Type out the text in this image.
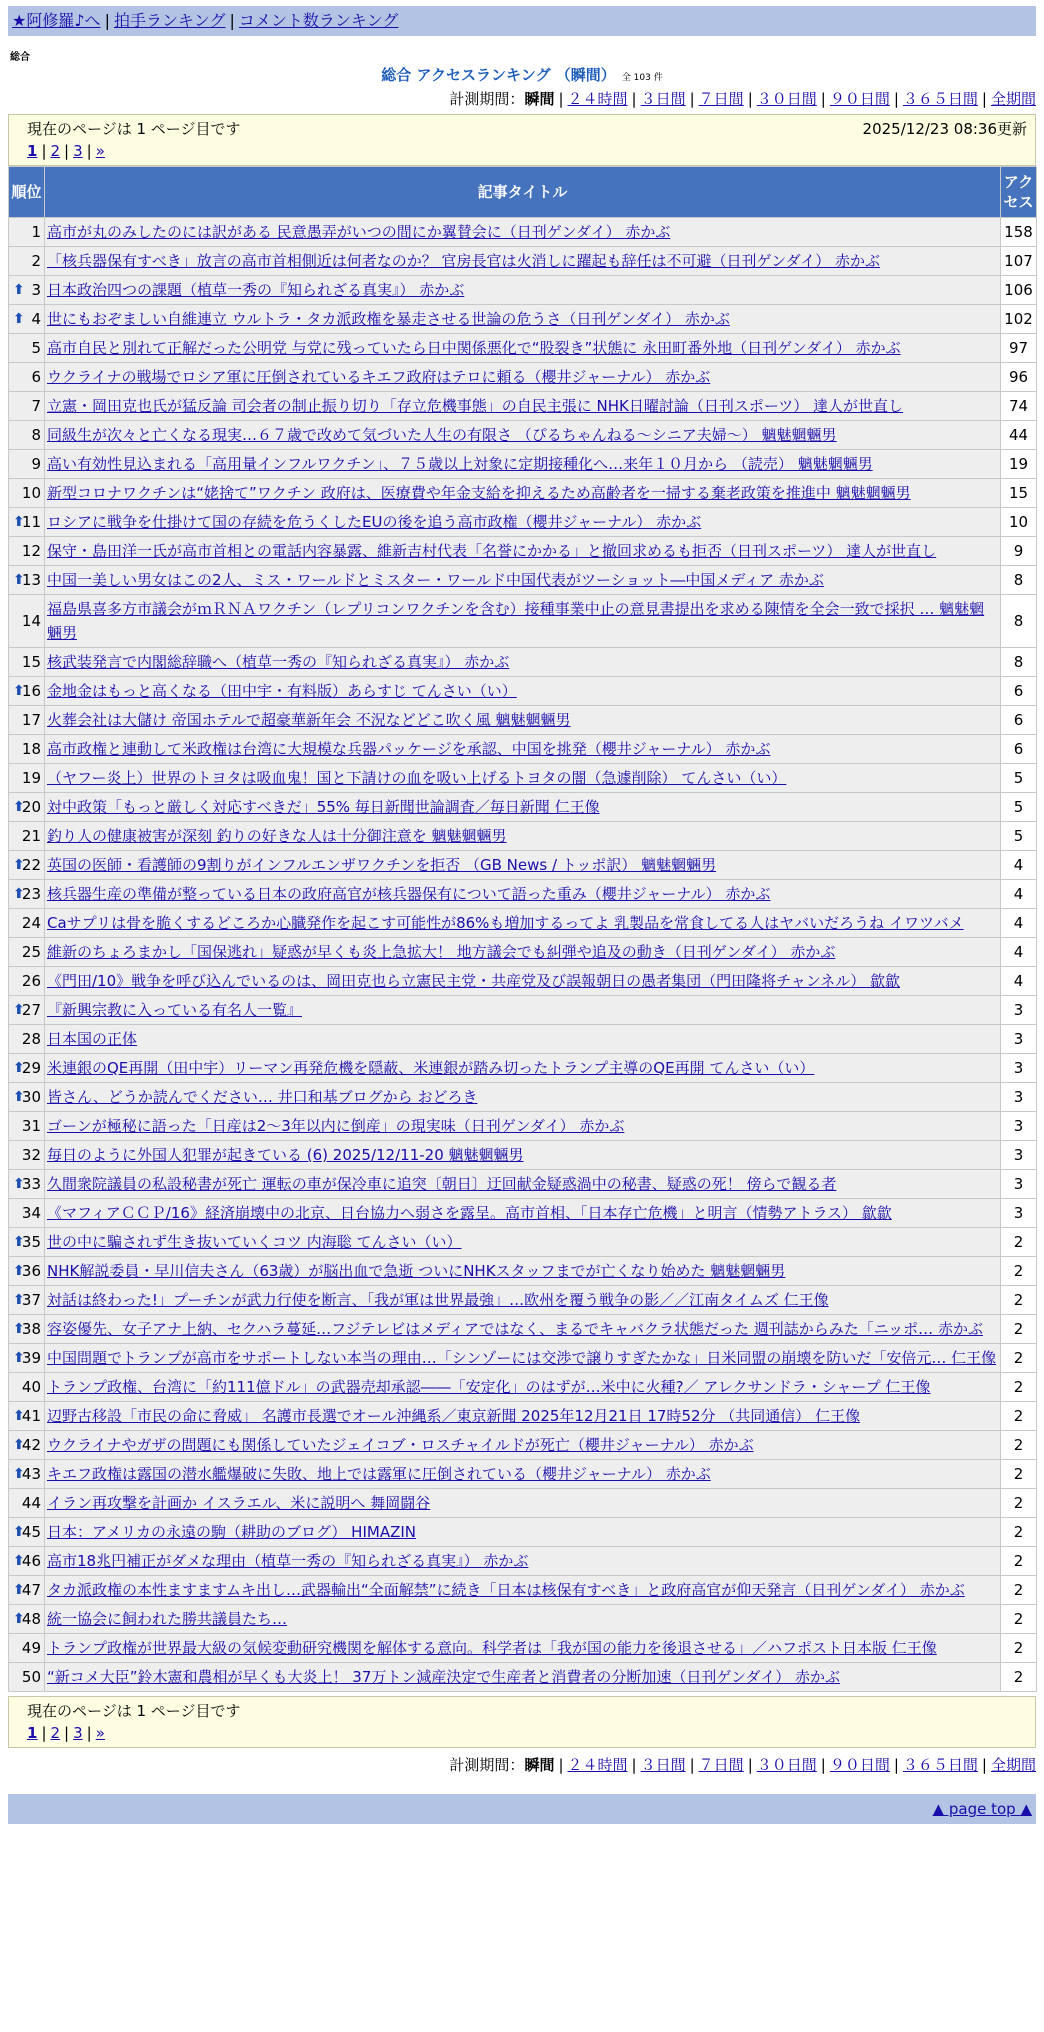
★阿修羅♪へ | 拍手ランキング | コメント数ランキング
総合
総合 アクセスランキング （瞬間） 全 103 件
計測期間：瞬間 | ２４時間 | ３日間 | ７日間 | ３０日間 | ９０日間 | ３６５日間 | 全期間
現在のページは 1 ページ目です	2025/12/23 08:36更新
1 | 2 | 3 | »
順位	記事タイトル	アクセス
1	高市が丸のみしたのには訳がある 民意愚弄がいつの間にか翼賛会に（日刊ゲンダイ） 赤かぶ	158
2	「核兵器保有すべき」放言の高市首相側近は何者なのか？ 官房長官は火消しに躍起も辞任は不可避（日刊ゲンダイ） 赤かぶ	107

⬆ 3	日本政治四つの課題（植草一秀の『知られざる真実』） 赤かぶ	106

⬆ 4	世にもおぞましい自維連立 ウルトラ・タカ派政権を暴走させる世論の危うさ（日刊ゲンダイ） 赤かぶ	102
5	高市自民と別れて正解だった公明党 与党に残っていたら日中関係悪化で“股裂き”状態に 永田町番外地（日刊ゲンダイ） 赤かぶ	97
6	ウクライナの戦場でロシア軍に圧倒されているキエフ政府はテロに頼る（櫻井ジャーナル） 赤かぶ	96
7	立憲・岡田克也氏が猛反論 司会者の制止振り切り「存立危機事態」の自民主張に NHK日曜討論（日刊スポーツ） 達人が世直し	74
8	同級生が次々と亡くなる現実…６７歳で改めて気づいた人生の有限さ （ぴるちゃんねる～シニア夫婦～） 魑魅魍魎男	44
9	高い有効性見込まれる「高用量インフルワクチン」、７５歳以上対象に定期接種化へ…来年１０月から （読売） 魑魅魍魎男	19
10	新型コロナワクチンは“姥捨て”ワクチン 政府は、医療費や年金支給を抑えるため高齢者を一掃する棄老政策を推進中 魑魅魍魎男	15

⬆
11	ロシアに戦争を仕掛けて国の存続を危うくしたEUの後を追う高市政権（櫻井ジャーナル） 赤かぶ	10
12	保守・島田洋一氏が高市首相との電話内容暴露、維新吉村代表「名誉にかかる」と撤回求めるも拒否（日刊スポーツ） 達人が世直し	9

⬆
13	中国一美しい男女はこの2人、ミス・ワールドとミスター・ワールド中国代表がツーショット―中国メディア 赤かぶ	8
14	福島県喜多方市議会がｍＲＮＡワクチン（レプリコンワクチンを含む）接種事業中止の意見書提出を求める陳情を全会一致で採択 … 魑魅魍魎男	8
15	核武装発言で内閣総辞職へ（植草一秀の『知られざる真実』） 赤かぶ	8

⬆
16	金地金はもっと高くなる（田中宇・有料版）あらすじ てんさい（い）	6
17	火葬会社は大儲け 帝国ホテルで超豪華新年会 不況などどこ吹く風 魑魅魍魎男	6
18	高市政権と連動して米政権は台湾に大規模な兵器パッケージを承認、中国を挑発（櫻井ジャーナル） 赤かぶ	6
19	（ヤフー炎上）世界のトヨタは吸血鬼！国と下請けの血を吸い上げるトヨタの闇（急遽削除） てんさい（い）	5

⬆
20	対中政策「もっと厳しく対応すべきだ」55% 毎日新聞世論調査／毎日新聞 仁王像	5
21	釣り人の健康被害が深刻 釣りの好きな人は十分御注意を 魑魅魍魎男	5

⬆
22	英国の医師・看護師の9割りがインフルエンザワクチンを拒否 （GB News / トッポ訳） 魑魅魍魎男	4

⬆
23	核兵器生産の準備が整っている日本の政府高官が核兵器保有について語った重み（櫻井ジャーナル） 赤かぶ	4
24	Caサプリは骨を脆くするどころか心臓発作を起こす可能性が86%も増加するってよ 乳製品を常食してる人はヤバいだろうね イワツバメ	4
25	維新のちょろまかし「国保逃れ」疑惑が早くも炎上急拡大！ 地方議会でも糾弾や追及の動き（日刊ゲンダイ） 赤かぶ	4
26	《門田/10》戦争を呼び込んでいるのは、岡田克也ら立憲民主党・共産党及び誤報朝日の愚者集団（門田隆将チャンネル） 歙歙	4

⬆
27	『新興宗教に入っている有名人一覧』	3
28	日本国の正体	3

⬆
29	米連銀のQE再開（田中宇）リーマン再発危機を隠蔽、米連銀が踏み切ったトランプ主導のQE再開 てんさい（い）	3

⬆
30	皆さん、どうか読んでください… 井口和基ブログから おどろき	3
31	ゴーンが極秘に語った「日産は2～3年以内に倒産」の現実味（日刊ゲンダイ） 赤かぶ	3
32	毎日のように外国人犯罪が起きている (6) 2025/12/11-20 魑魅魍魎男	3

⬆
33	久間衆院議員の私設秘書が死亡 運転の車が保冷車に追突〔朝日〕迂回献金疑惑渦中の秘書、疑惑の死！ 傍らで観る者	3
34	《マフィアＣＣＰ/16》経済崩壊中の北京、日台協力へ弱さを露呈。高市首相、「日本存亡危機」と明言（情勢アトラス） 歙歙	3

⬆
35	世の中に騙されず生き抜いていくコツ 内海聡 てんさい（い）	2

⬆
36	NHK解説委員・早川信夫さん（63歳）が脳出血で急逝 ついにNHKスタッフまでが亡くなり始めた 魑魅魍魎男	2

⬆
37	対話は終わった!」プーチンが武力行使を断言、「我が軍は世界最強」…欧州を覆う戦争の影／／江南タイムズ 仁王像	2

⬆
38	容姿優先、女子アナ上納、セクハラ蔓延…フジテレビはメディアではなく、まるでキャバクラ状態だった 週刊誌からみた「ニッポ… 赤かぶ	2

⬆
39	中国問題でトランプが高市をサポートしない本当の理由…「シンゾーには交渉で譲りすぎたかな」日米同盟の崩壊を防いだ「安倍元… 仁王像	2
40	トランプ政権、台湾に「約111億ドル」の武器売却承認――「安定化」のはずが…米中に火種?／ アレクサンドラ・シャープ 仁王像	2

⬆
41	辺野古移設「市民の命に脅威」 名護市長選でオール沖縄系／東京新聞 2025年12月21日 17時52分 （共同通信） 仁王像	2

⬆
42	ウクライナやガザの問題にも関係していたジェイコブ・ロスチャイルドが死亡（櫻井ジャーナル） 赤かぶ	2

⬆
43	キエフ政権は露国の潜水艦爆破に失敗、地上では露軍に圧倒されている（櫻井ジャーナル） 赤かぶ	2
44	イラン再攻撃を計画か イスラエル、米に説明へ 舞岡闘谷	2

⬆
45	日本：アメリカの永遠の駒（耕助のブログ） HIMAZIN	2

⬆
46	高市18兆円補正がダメな理由（植草一秀の『知られざる真実』） 赤かぶ	2

⬆
47	タカ派政権の本性ますますムキ出し…武器輸出“全面解禁”に続き「日本は核保有すべき」と政府高官が仰天発言（日刊ゲンダイ） 赤かぶ	2

⬆
48	統一協会に飼われた勝共議員たち…	2
49	トランプ政権が世界最大級の気候変動研究機関を解体する意向。科学者は「我が国の能力を後退させる」／ハフポスト日本版 仁王像	2
50	“新コメ大臣”鈴木憲和農相が早くも大炎上！ 37万トン減産決定で生産者と消費者の分断加速（日刊ゲンダイ） 赤かぶ	2
現在のページは 1 ページ目です
1 | 2 | 3 | »
計測期間：瞬間 | ２４時間 | ３日間 | ７日間 | ３０日間 | ９０日間 | ３６５日間 | 全期間
▲ page top ▲
